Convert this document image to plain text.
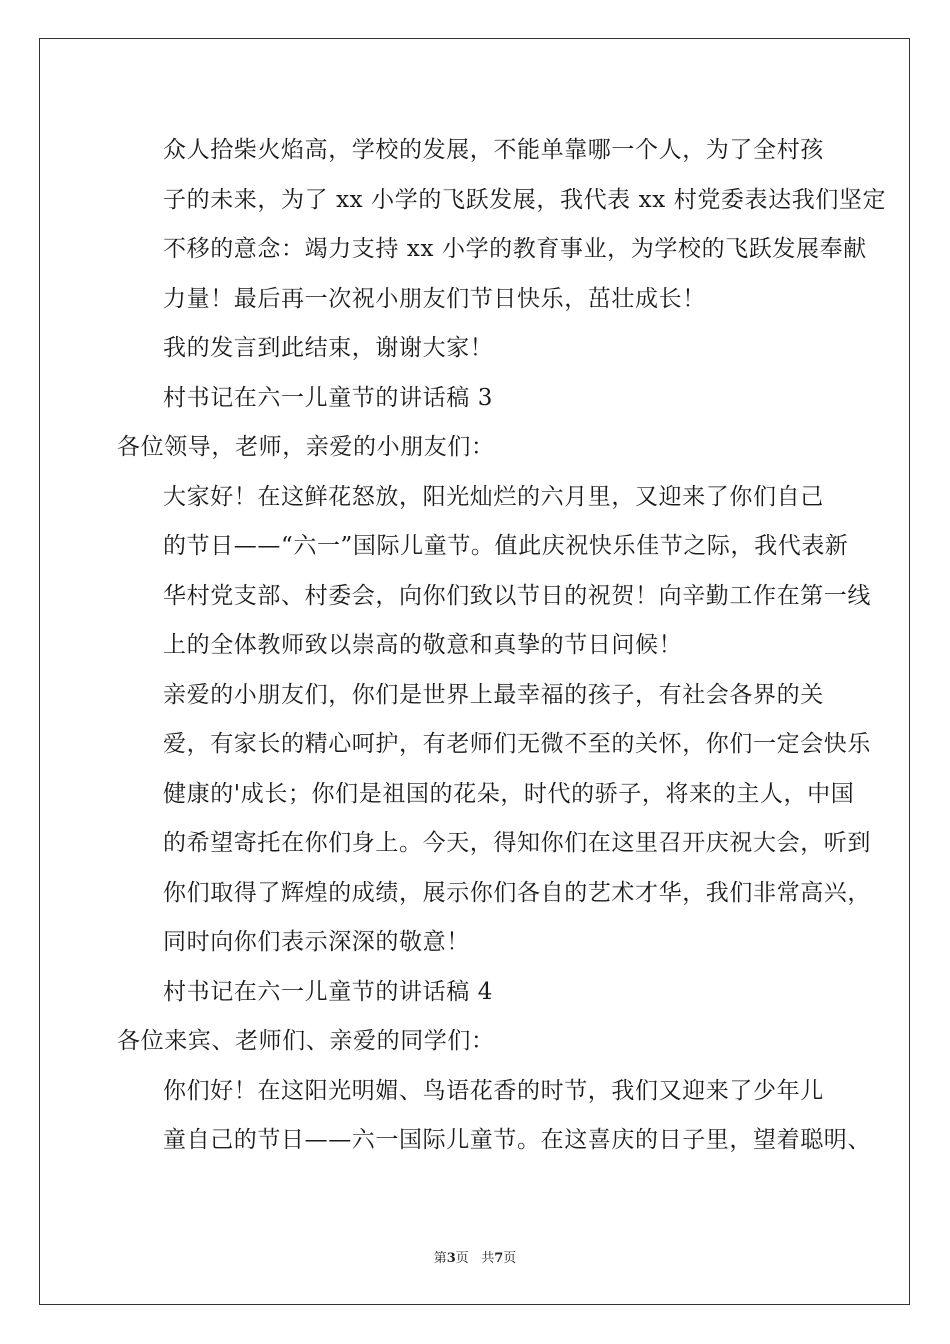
众人拾柴火焰高，学校的发展，不能单靠哪一个人，为了全村孩
子的未来，为了 xx 小学的飞跃发展，我代表 xx 村党委表达我们坚定
不移的意念：竭力支持 xx 小学的教育事业，为学校的飞跃发展奉献
力量！最后再一次祝小朋友们节日快乐，茁壮成长！

我的发言到此结束，谢谢大家！

村书记在六一儿童节的讲话稿 3

各位领导，老师，亲爱的小朋友们：

大家好！在这鲜花怒放，阳光灿烂的六月里，又迎来了你们自己
的节日——“六一”国际儿童节。值此庆祝快乐佳节之际，我代表新
华村党支部、村委会，向你们致以节日的祝贺！向辛勤工作在第一线
上的全体教师致以崇高的敬意和真挚的节日问候！

亲爱的小朋友们，你们是世界上最幸福的孩子，有社会各界的关
爱，有家长的精心呵护，有老师们无微不至的关怀，你们一定会快乐
健康的'成长；你们是祖国的花朵，时代的骄子，将来的主人，中国
的希望寄托在你们身上。今天，得知你们在这里召开庆祝大会，听到
你们取得了辉煌的成绩，展示你们各自的艺术才华，我们非常高兴，
同时向你们表示深深的敬意！

村书记在六一儿童节的讲话稿 4

各位来宾、老师们、亲爱的同学们：

你们好！在这阳光明媚、鸟语花香的时节，我们又迎来了少年儿
童自己的节日——六一国际儿童节。在这喜庆的日子里，望着聪明、

第3页 共7页
